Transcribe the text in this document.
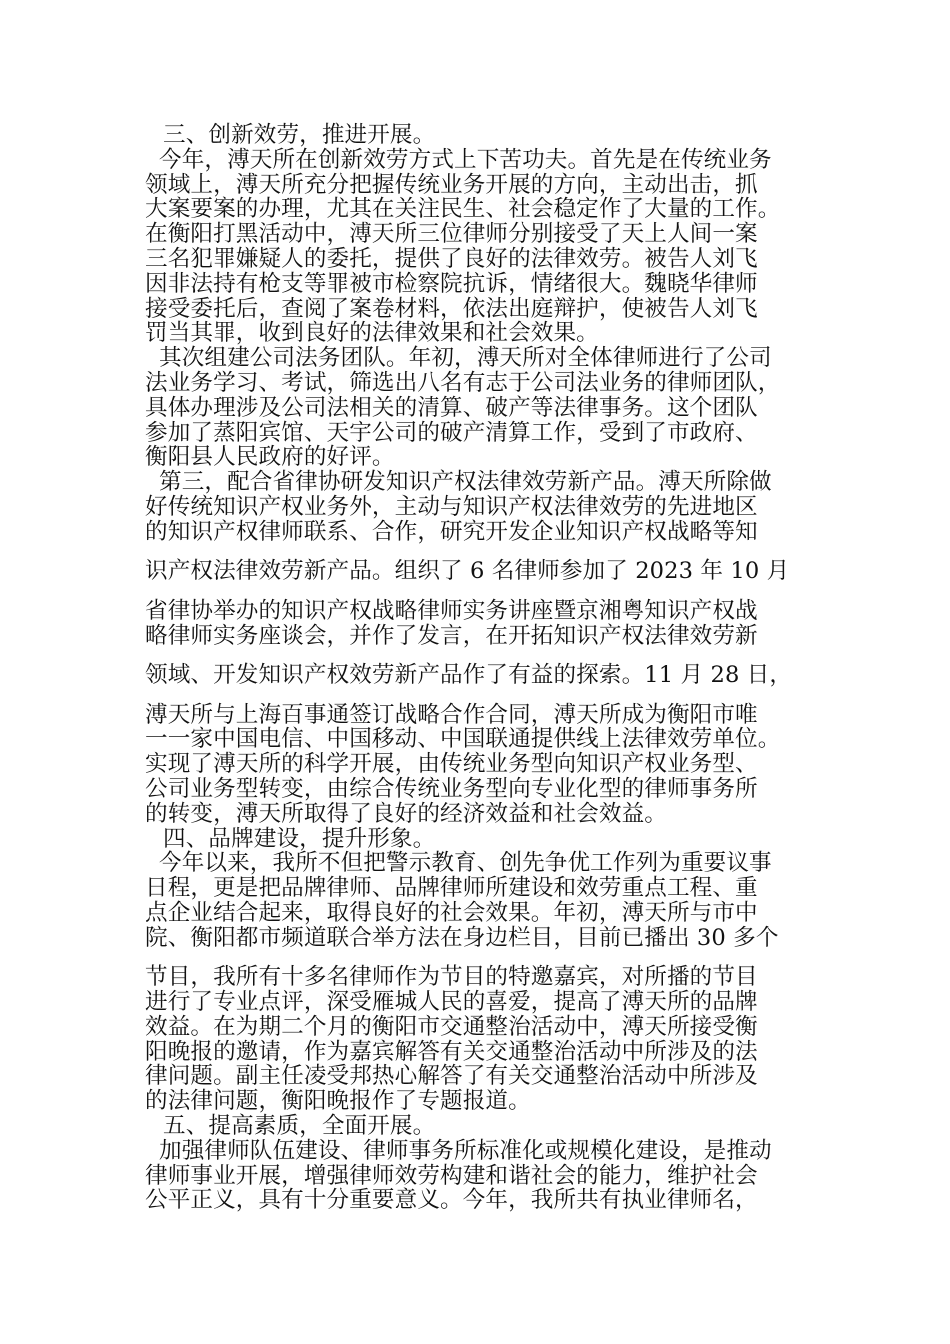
三、创新效劳，推进开展。
今年，溥天所在创新效劳方式上下苦功夫。首先是在传统业务
领域上，溥天所充分把握传统业务开展的方向，主动出击，抓
大案要案的办理，尤其在关注民生、社会稳定作了大量的工作。
在衡阳打黑活动中，溥天所三位律师分别接受了天上人间一案
三名犯罪嫌疑人的委托，提供了良好的法律效劳。被告人刘飞
因非法持有枪支等罪被市检察院抗诉，情绪很大。魏晓华律师
接受委托后，查阅了案卷材料，依法出庭辩护，使被告人刘飞
罚当其罪，收到良好的法律效果和社会效果。
其次组建公司法务团队。年初，溥天所对全体律师进行了公司
法业务学习、考试，筛选出八名有志于公司法业务的律师团队，
具体办理涉及公司法相关的清算、破产等法律事务。这个团队
参加了蒸阳宾馆、天宇公司的破产清算工作，受到了市政府、
衡阳县人民政府的好评。
第三，配合省律协研发知识产权法律效劳新产品。溥天所除做
好传统知识产权业务外，主动与知识产权法律效劳的先进地区
的知识产权律师联系、合作，研究开发企业知识产权战略等知
识产权法律效劳新产品。组织了 6 名律师参加了 2023 年 10 月
省律协举办的知识产权战略律师实务讲座暨京湘粤知识产权战
略律师实务座谈会，并作了发言，在开拓知识产权法律效劳新
领域、开发知识产权效劳新产品作了有益的探索。11 月 28 日，
溥天所与上海百事通签订战略合作合同，溥天所成为衡阳市唯
一一家中国电信、中国移动、中国联通提供线上法律效劳单位。
实现了溥天所的科学开展，由传统业务型向知识产权业务型、
公司业务型转变，由综合传统业务型向专业化型的律师事务所
的转变，溥天所取得了良好的经济效益和社会效益。
四、品牌建设，提升形象。
今年以来，我所不但把警示教育、创先争优工作列为重要议事
日程，更是把品牌律师、品牌律师所建设和效劳重点工程、重
点企业结合起来，取得良好的社会效果。年初，溥天所与市中
院、衡阳都市频道联合举方法在身边栏目，目前已播出 30 多个
节目，我所有十多名律师作为节目的特邀嘉宾，对所播的节目
进行了专业点评，深受雁城人民的喜爱，提高了溥天所的品牌
效益。在为期二个月的衡阳市交通整治活动中，溥天所接受衡
阳晚报的邀请，作为嘉宾解答有关交通整治活动中所涉及的法
律问题。副主任凌受邦热心解答了有关交通整治活动中所涉及
的法律问题，衡阳晚报作了专题报道。
五、提高素质，全面开展。
加强律师队伍建设、律师事务所标准化或规模化建设，是推动
律师事业开展，增强律师效劳构建和谐社会的能力，维护社会
公平正义，具有十分重要意义。今年，我所共有执业律师名，
